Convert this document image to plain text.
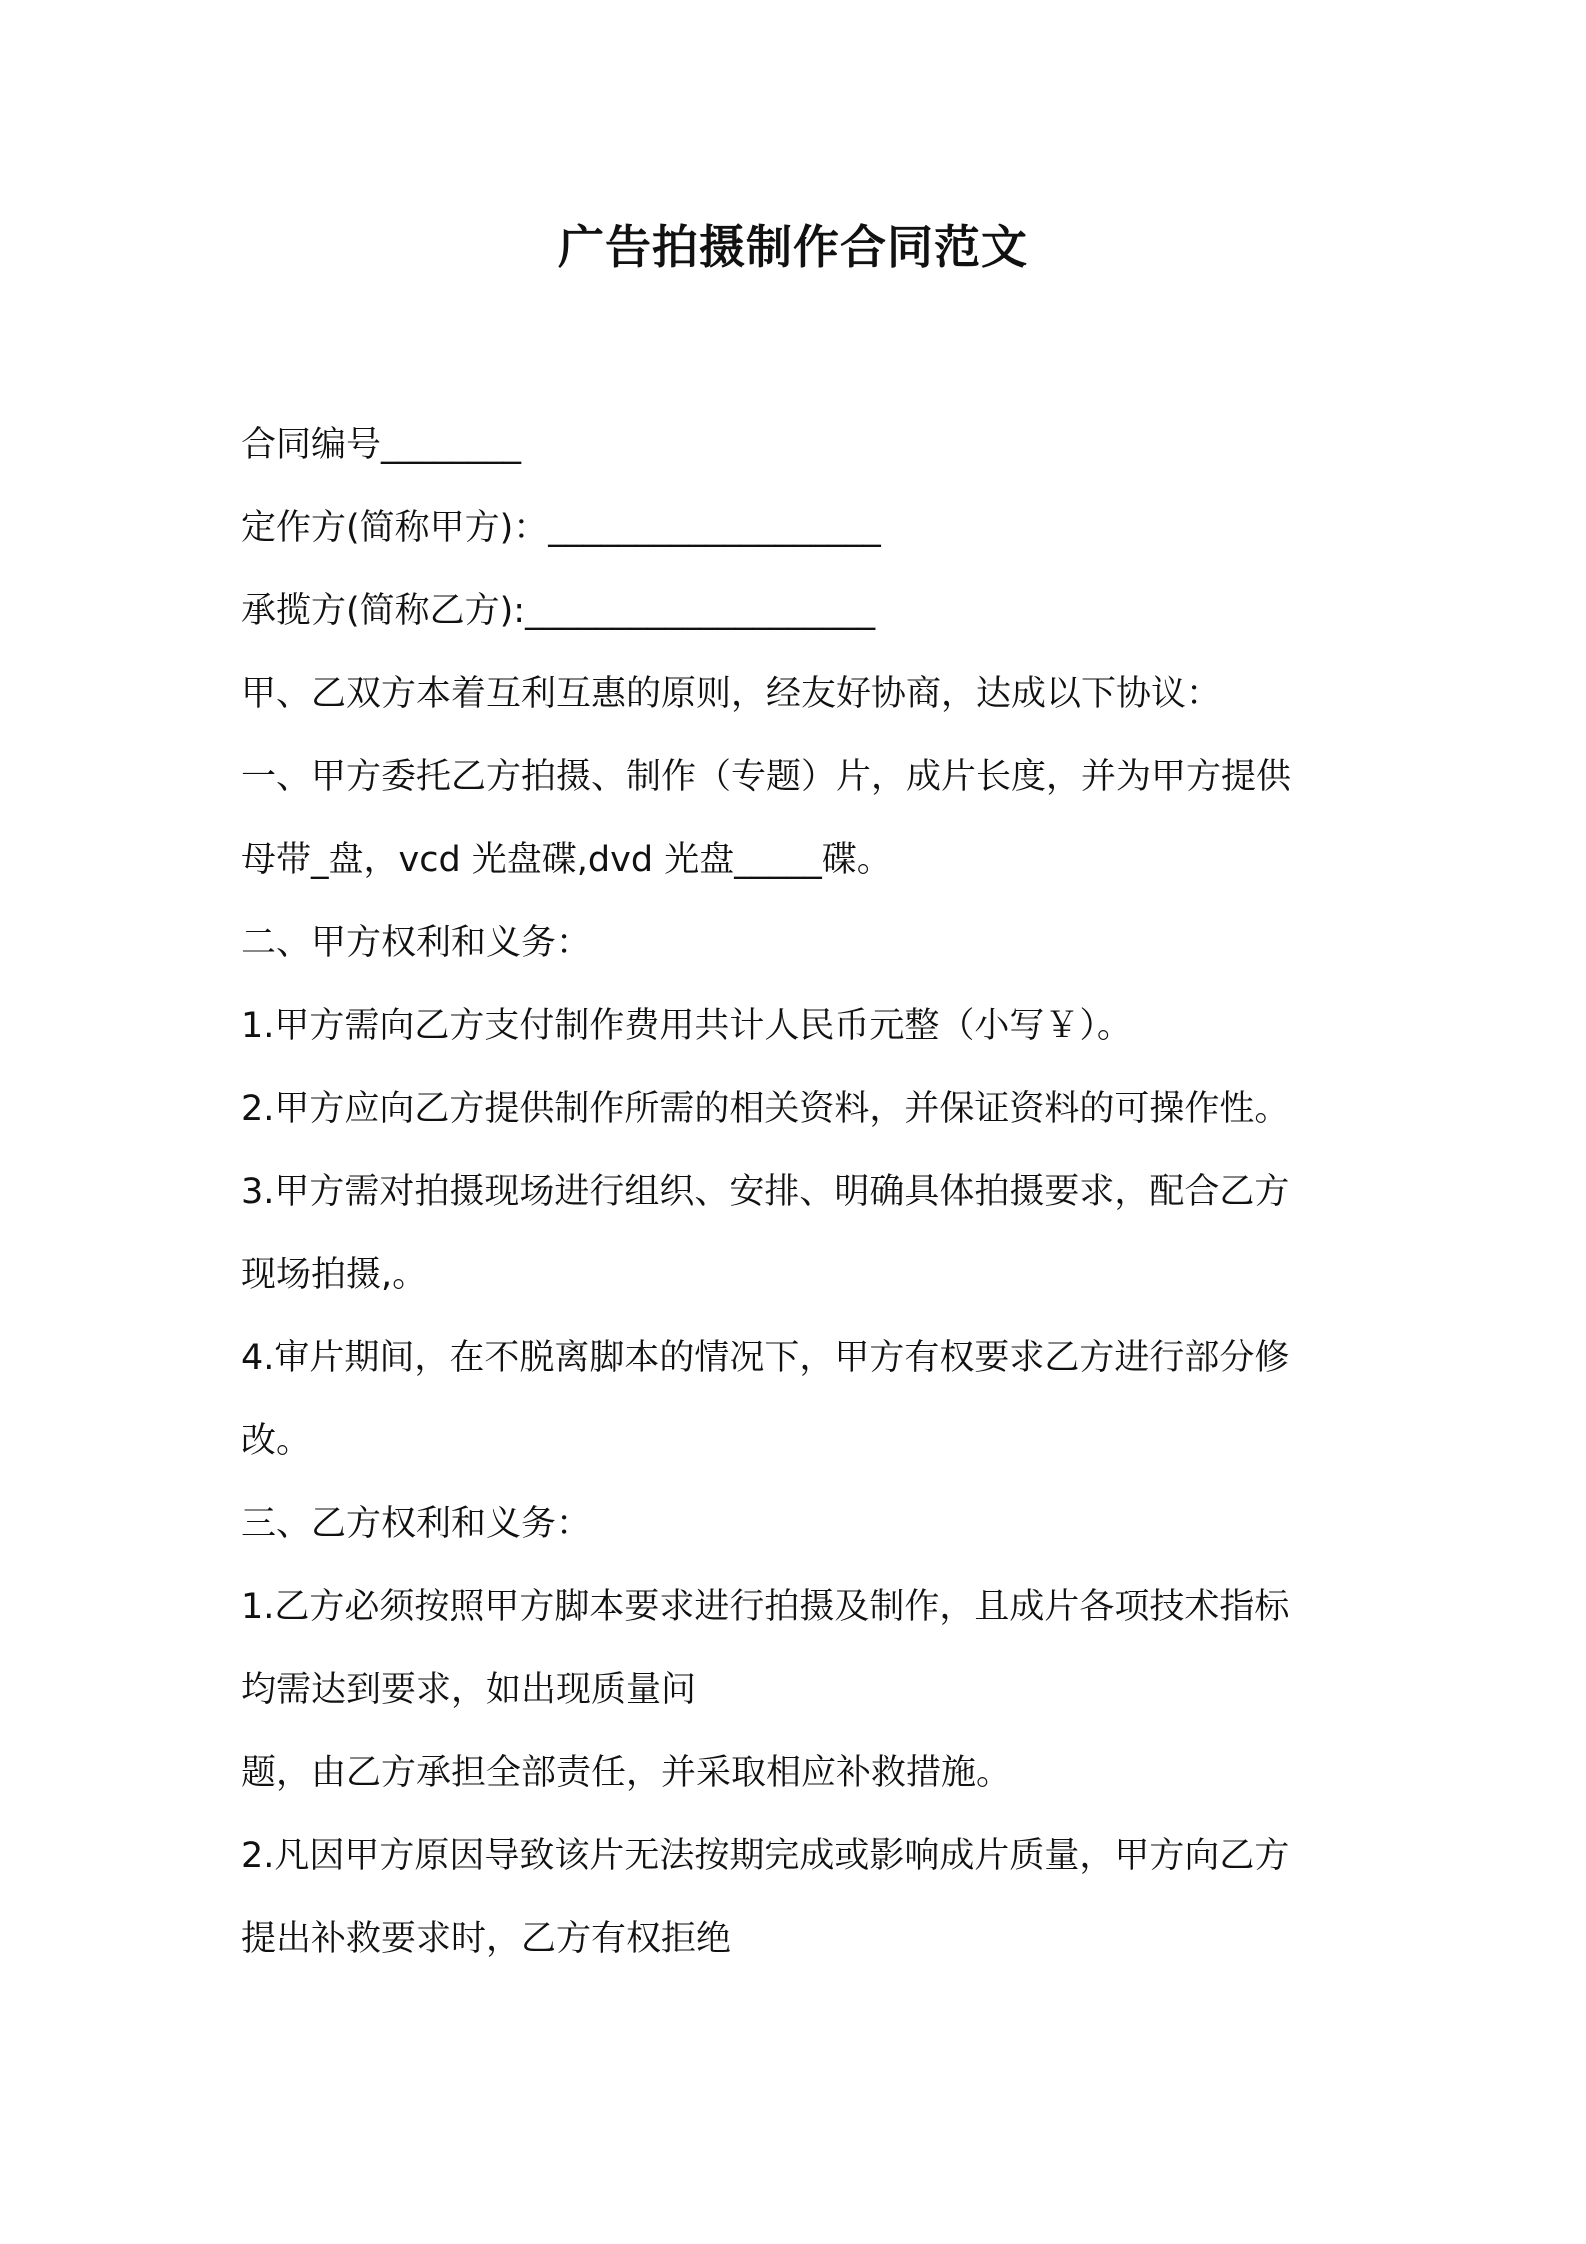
广告拍摄制作合同范文
合同编号________
定作方(简称甲方)：___________________
承揽方(简称乙方):____________________
甲、乙双方本着互利互惠的原则，经友好协商，达成以下协议：
一、甲方委托乙方拍摄、制作（专题）片，成片长度，并为甲方提供
母带_盘，vcd 光盘碟,dvd 光盘_____碟。
二、甲方权利和义务：
1.甲方需向乙方支付制作费用共计人民币元整（小写￥）。
2.甲方应向乙方提供制作所需的相关资料，并保证资料的可操作性。
3.甲方需对拍摄现场进行组织、安排、明确具体拍摄要求，配合乙方
现场拍摄,。
4.审片期间，在不脱离脚本的情况下，甲方有权要求乙方进行部分修
改。
三、乙方权利和义务：
1.乙方必须按照甲方脚本要求进行拍摄及制作，且成片各项技术指标
均需达到要求，如出现质量问
题，由乙方承担全部责任，并采取相应补救措施。
2.凡因甲方原因导致该片无法按期完成或影响成片质量，甲方向乙方
提出补救要求时，乙方有权拒绝
